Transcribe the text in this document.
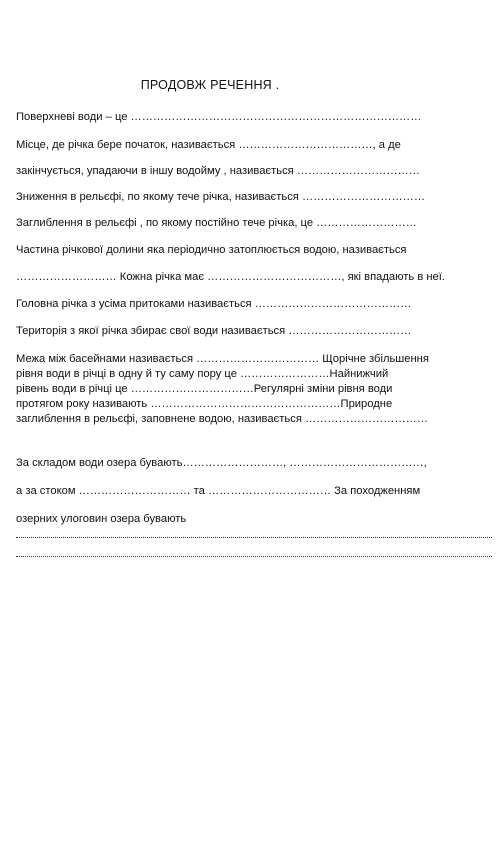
ПРОДОВЖ РЕЧЕННЯ .
Поверхневі води – це ……………………………………………………………………
Місце, де річка бере початок, називається ………………………………, а де
закінчується, упадаючи в іншу водойму , називається ……………………………
Зниження в рельєфі, по якому тече річка, називається ……………………………
Заглиблення в рельєфі , по якому постійно тече річка, це ………………………
Частина річкової долини яка періодично затоплюється водою, називається
……………………… Кожна річка має ………………………………, які впадають в неї.
Головна річка з усіма притоками називається ……………………………………
Територія з якої річка збирає свої води називається ……………………………
Межа між басейнами називається …………………………… Щорічне збільшення
рівня води в річці в одну й ту саму пору це ……………………Найнижчий
рівень води в річці це ……………………………Регулярні зміни рівня води
протягом року називають ……………………………………………Природне
заглиблення в рельєфі, заповнене водою, називається ……………………………
За складом води озера бувають………………………, ………………………………,
а за стоком ………………………… та …………………………… За походженням
озерних улоговин озера бувають
